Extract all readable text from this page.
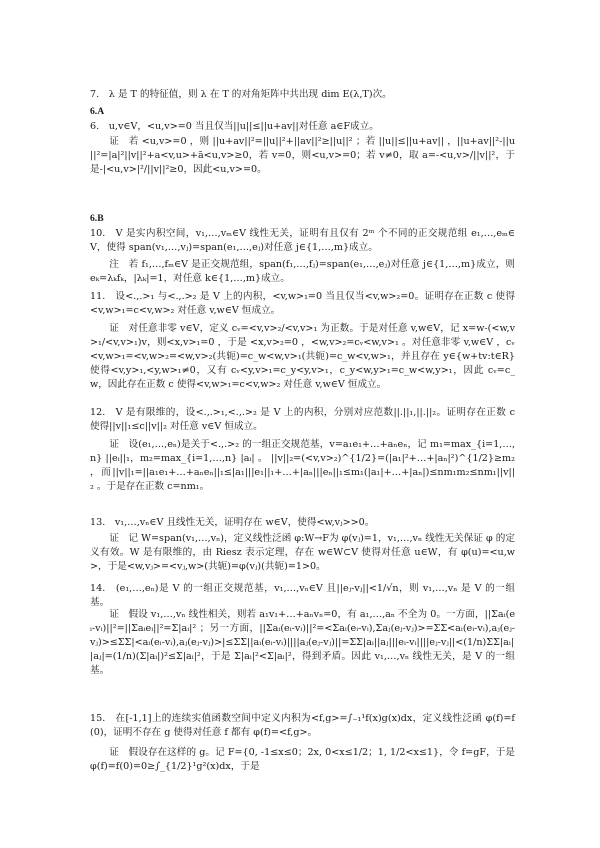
7.　λ 是 T 的特征值，则 λ 在 T 的对角矩阵中共出现 dim E(λ,T)次。
6.A
6.　u,v∈V，<u,v>=0 当且仅当||u||≤||u+av||对任意 a∈F成立。
证　若 <u,v>=0 ，则 ||u+av||²=||u||²+||av||²≥||u||² ；若 ||u||≤||u+av|| ，||u+av||²-||u||²=|a|²||v||²+a<v,u>+ā<u,v>≥0，若 v=0，则<u,v>=0；若 v≠0，取 a=-<u,v>/||v||²，于是-|<u,v>|²/||v||²≥0，因此<u,v>=0。
6.B
10.　V 是实内积空间，v₁,…,vₘ∈V 线性无关，证明有且仅有 2ᵐ 个不同的正交规范组 e₁,…,eₘ∈V，使得 span(v₁,…,vⱼ)=span(e₁,…,eⱼ)对任意 j∈{1,…,m}成立。
注　若 f₁,…,fₘ∈V 是正交规范组，span(f₁,…,fⱼ)=span(e₁,…,eⱼ)对任意 j∈{1,…,m}成立，则 eₖ=λₖfₖ，|λₖ|=1，对任意 k∈{1,…,m}成立。
11.　设<.,.>₁ 与<.,.>₂ 是 V 上的内积，<v,w>₁=0 当且仅当<v,w>₂=0。证明存在正数 c 使得<v,w>₁=c<v,w>₂ 对任意 v,w∈V 恒成立。
证　对任意非零 v∈V，定义 cᵥ=<v,v>₂/<v,v>₁ 为正数。于是对任意 v,w∈V，记 x=w-(<w,v>₁/<v,v>₁)v，则<x,v>₁=0 ，于是 <x,v>₂=0 ，<w,v>₂=cᵥ<w,v>₁ 。对任意非零 v,w∈V ，cᵥ<v,w>₁=<v,w>₂=<w,v>₂(共轭)=c_w<w,v>₁(共轭)=c_w<v,w>₁，并且存在 y∈{w+tv:t∈R}使得<v,y>₁,<y,w>₁≠0，又有 cᵥ<y,v>₁=c_y<y,v>₁，c_y<w,y>₁=c_w<w,y>₁，因此 cᵥ=c_w，因此存在正数 c 使得<v,w>₁=c<v,w>₂ 对任意 v,w∈V 恒成立。
12.　V 是有限维的，设<.,.>₁,<.,.>₂ 是 V 上的内积，分别对应范数||.||₁,||.||₂。证明存在正数 c 使得||v||₁≤c||v||₂ 对任意 v∈V 恒成立。
证　设(e₁,…,eₙ)是关于<.,.>₂ 的一组正交规范基，v=a₁e₁+…+aₙeₙ，记 m₁=max_{i=1,…,n} ||eᵢ||₁，m₂=max_{i=1,…,n} |aᵢ| 。 ||v||₂=(<v,v>₂)^{1/2}=(|a₁|²+…+|aₙ|²)^{1/2}≥m₂ ，而||v||₁=||a₁e₁+…+aₙeₙ||₁≤|a₁|||e₁||₁+…+|aₙ|||eₙ||₁≤m₁(|a₁|+…+|aₙ|)≤nm₁m₂≤nm₁||v||₂ 。于是存在正数 c=nm₁。
13.　v₁,…,vₙ∈V 且线性无关，证明存在 w∈V，使得<w,vⱼ>>0。
证　记 W=span(v₁,…,vₙ)，定义线性泛函 φ:W→F为 φ(vⱼ)=1，v₁,…,vₙ 线性无关保证 φ 的定义有效。W 是有限维的，由 Riesz 表示定理，存在 w∈W⊂V 使得对任意 u∈W，有 φ(u)=<u,w>，于是<w,vⱼ>=<vⱼ,w>(共轭)=φ(vⱼ)(共轭)=1>0。
14.　(e₁,…,eₙ)是 V 的一组正交规范基，v₁,…,vₙ∈V 且||eⱼ-vⱼ||<1/√n，则 v₁,…,vₙ 是 V 的一组基。
证　假设 v₁,…,vₙ 线性相关，则若 a₁v₁+…+aₙvₙ=0，有 a₁,…,aₙ 不全为 0。一方面，||Σaᵢ(eᵢ-vᵢ)||²=||Σaᵢeᵢ||²=Σ|aᵢ|² ；另一方面，||Σaᵢ(eᵢ-vᵢ)||²=<Σaᵢ(eᵢ-vᵢ),Σaⱼ(eⱼ-vⱼ)>=ΣΣ<aᵢ(eᵢ-vᵢ),aⱼ(eⱼ-vⱼ)>≤ΣΣ|<aᵢ(eᵢ-vᵢ),aⱼ(eⱼ-vⱼ)>|≤ΣΣ||aᵢ(eᵢ-vᵢ)||||aⱼ(eⱼ-vⱼ)||=ΣΣ|aᵢ||aⱼ|||eᵢ-vᵢ||||eⱼ-vⱼ||<(1/n)ΣΣ|aᵢ||aⱼ|=(1/n)(Σ|aᵢ|)²≤Σ|aᵢ|²，于是 Σ|aᵢ|²<Σ|aᵢ|²，得到矛盾。因此 v₁,…,vₙ 线性无关，是 V 的一组基。
15.　在[-1,1]上的连续实值函数空间中定义内积为<f,g>=∫₋₁¹f(x)g(x)dx，定义线性泛函 φ(f)=f(0)，证明不存在 g 使得对任意 f 都有 φ(f)=<f,g>。
证　假设存在这样的 g。记 F={0, -1≤x≤0；2x, 0<x≤1/2；1, 1/2<x≤1}，令 f=gF，于是 φ(f)=f(0)=0≥∫_{1/2}¹g²(x)dx，于是
